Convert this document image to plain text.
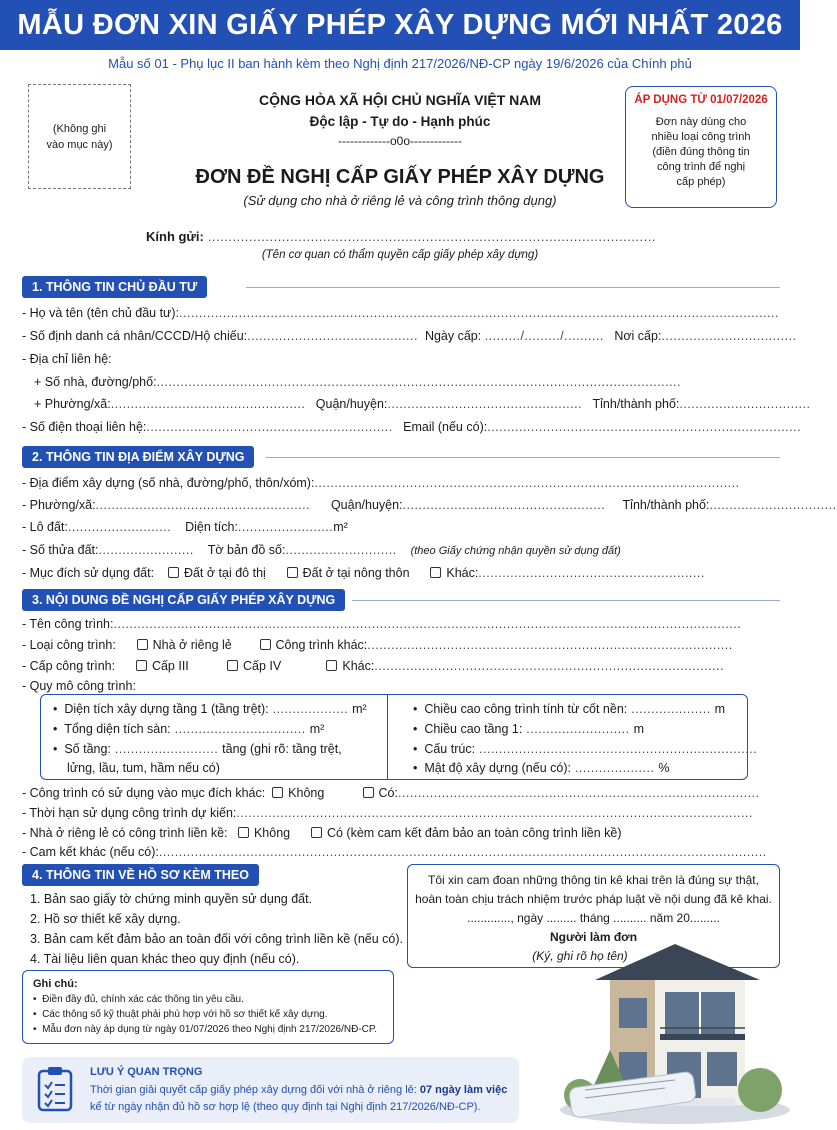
MẪU ĐƠN XIN GIẤY PHÉP XÂY DỰNG MỚI NHẤT 2026
Mẫu số 01 - Phụ lục II ban hành kèm theo Nghị định 217/2026/NĐ-CP ngày 19/6/2026 của Chính phủ
(Không ghi
vào mục này)
ÁP DỤNG TỪ 01/07/2026
Đơn này dùng cho
nhiều loại công trình
(điền đúng thông tin
công trình để nghị
cấp phép)
CỘNG HÒA XÃ HỘI CHỦ NGHĨA VIỆT NAM
Độc lập - Tự do - Hạnh phúc
-------------o0o-------------
ĐƠN ĐỀ NGHỊ CẤP GIẤY PHÉP XÂY DỰNG
(Sử dụng cho nhà ở riêng lẻ và công trình thông dụng)
Kính gửi: .............................................................................................................
(Tên cơ quan có thẩm quyền cấp giấy phép xây dựng)
1. THÔNG TIN CHỦ ĐẦU TƯ
- Họ và tên (tên chủ đầu tư):.......................................................................................................................................................
- Số định danh cá nhân/CCCD/Hộ chiếu:...........................................  Ngày cấp: ........./........./.......... Nơi cấp:..................................
- Địa chỉ liên hệ:
+ Số nhà, đường/phố:....................................................................................................................................
+ Phường/xã:.................................................   Quận/huyện:.................................................   Tỉnh/thành phố:.................................
- Số điện thoại liên hệ:..............................................................   Email (nếu có):...............................................................................
2. THÔNG TIN ĐỊA ĐIỂM XÂY DỰNG
- Địa điểm xây dựng (số nhà, đường/phố, thôn/xóm):...........................................................................................................
- Phường/xã:......................................................      Quận/huyện:...................................................     Tỉnh/thành phố:................................
- Lô đất:..........................    Diện tích:........................m²
- Số thửa đất:........................    Tờ bản đồ số:............................    (theo Giấy chứng nhận quyền sử dụng đất)
- Mục đích sử dụng đất: Đất ở tại đô thị	Đất ở tại nông thôn	Khác:.........................................................
3. NỘI DUNG ĐỀ NGHỊ CẤP GIẤY PHÉP XÂY DỰNG
- Tên công trình:..............................................................................................................................................................
- Loại công trình:	Nhà ở riêng lẻ	Công trình khác:............................................................................................
- Cấp công trình:	Cấp III	Cấp IV	Khác:........................................................................................
- Quy mô công trình:
•  Diện tích xây dựng tầng 1 (tầng trệt): ................... m²
•  Tổng diện tích sàn: ................................. m²
•  Số tầng: .......................... tầng (ghi rõ: tầng trệt,
lửng, lầu, tum, hầm nếu có)
•  Chiều cao công trình tính từ cốt nền: .................... m
•  Chiều cao tầng 1: .......................... m
•  Cấu trúc: ......................................................................
•  Mật độ xây dựng (nếu có): .................... %
- Công trình có sử dụng vào mục đích khác: Không	Có:...........................................................................................
- Thời hạn sử dụng công trình dự kiến:..................................................................................................................................
- Nhà ở riêng lẻ có công trình liền kề: Không	Có (kèm cam kết đảm bảo an toàn công trình liền kề)
- Cam kết khác (nếu có):.........................................................................................................................................................
4. THÔNG TIN VỀ HỒ SƠ KÈM THEO
1. Bản sao giấy tờ chứng minh quyền sử dụng đất.
2. Hồ sơ thiết kế xây dựng.
3. Bản cam kết đảm bảo an toàn đối với công trình liền kề (nếu có).
4. Tài liệu liên quan khác theo quy định (nếu có).
Ghi chú:
•  Điền đầy đủ, chính xác các thông tin yêu cầu.
•  Các thông số kỹ thuật phải phù hợp với hồ sơ thiết kế xây dựng.
•  Mẫu đơn này áp dụng từ ngày 01/07/2026 theo Nghị định 217/2026/NĐ-CP.
Tôi xin cam đoan những thông tin kê khai trên là đúng sự thật,
hoàn toàn chịu trách nhiệm trước pháp luật về nội dung đã kê khai.
............., ngày ......... tháng .......... năm 20.........
Người làm đơn
(Ký, ghi rõ họ tên)
LƯU Ý QUAN TRỌNG
Thời gian giải quyết cấp giấy phép xây dựng đối với nhà ở riêng lẻ: 07 ngày làm việc
kể từ ngày nhận đủ hồ sơ hợp lệ (theo quy định tại Nghị định 217/2026/NĐ-CP).
